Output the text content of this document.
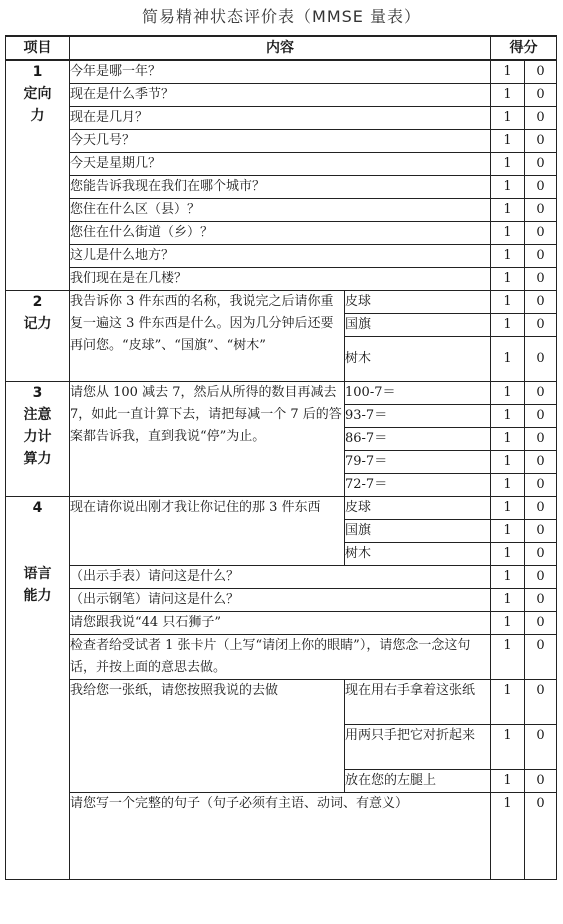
简易精神状态评价表（MMSE 量表）
项目	内容		得分	

1
定向力	今年是哪一年？		1	0
	现在是什么季节？		1	0
	现在是几月？		1	0
	今天几号？		1	0
	今天是星期几？		1	0
	您能告诉我现在我们在哪个城市？		1	0
	您住在什么区（县）？		1	0
	您住在什么街道（乡）？		1	0
	这儿是什么地方？		1	0
	我们现在是在几楼？		1	0

2
记力	我告诉你 3 件东西的名称，我说完之后请你重复一遍这 3 件东西是什么。因为几分钟后还要再问您。“皮球”、“国旗”、“树木”	皮球	1	0
		国旗	1	0
		树木	1	0

3
注意力计算力	请您从 100 减去 7，然后从所得的数目再减去 7，如此一直计算下去，请把每减一个 7 后的答案都告诉我，直到我说“停”为止。	100-7＝	1	0
		93-7＝	1	0
		86-7＝	1	0
		79-7＝	1	0
		72-7＝	1	0

4
语言能力	现在请你说出刚才我让你记住的那 3 件东西	皮球	1	0
		国旗	1	0
		树木	1	0
	（出示手表）请问这是什么？		1	0
	（出示钢笔）请问这是什么？		1	0
	请您跟我说“44 只石狮子”		1	0
	检查者给受试者 1 张卡片（上写“请闭上你的眼睛”），请您念一念这句话，并按上面的意思去做。		1	0
	我给您一张纸，请您按照我说的去做	现在用右手拿着这张纸	1	0
		用两只手把它对折起来	1	0
		放在您的左腿上	1	0
	请您写一个完整的句子（句子必须有主语、动词、有意义）		1	0
